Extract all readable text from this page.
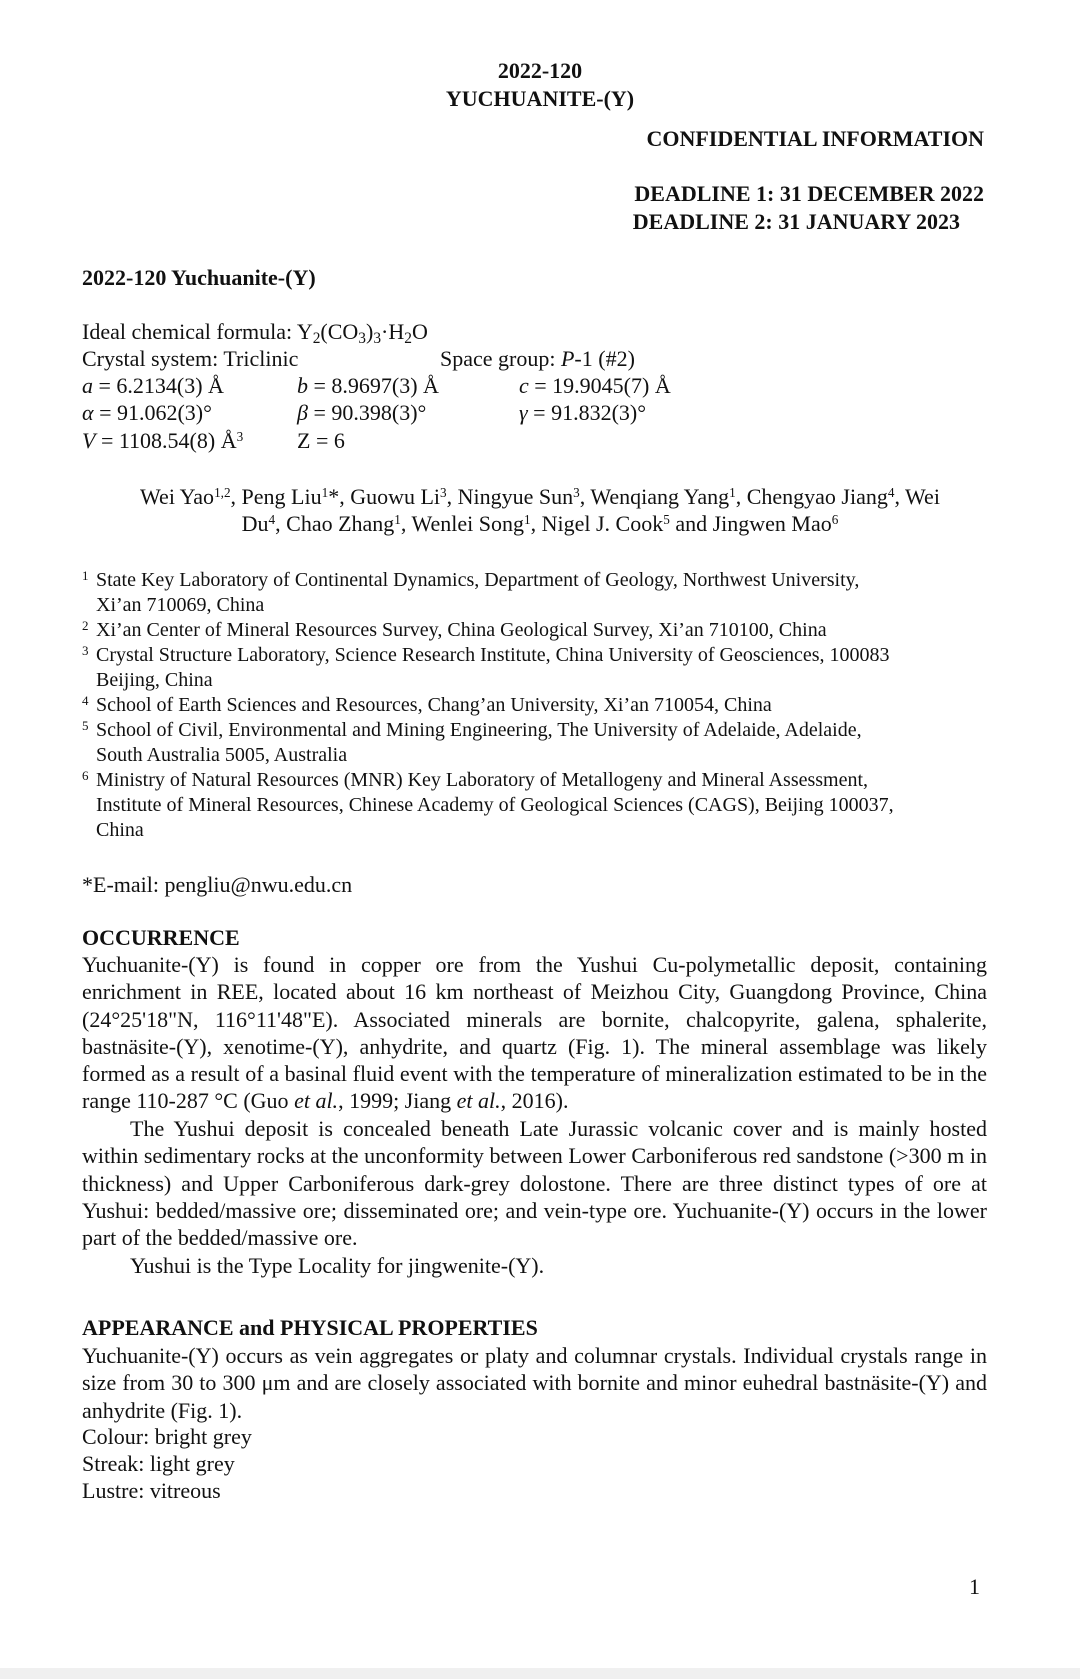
2022-120
YUCHUANITE-(Y)
CONFIDENTIAL INFORMATION
DEADLINE 1: 31 DECEMBER 2022
DEADLINE 2: 31 JANUARY 2023
2022-120 Yuchuanite-(Y)
Ideal chemical formula: $Y_2(CO_3)_3\cdot H_2O$
Crystal system: Triclinic	Space group: P-1 (#2)
a = 6.2134(3) Å	b = 8.9697(3) Å	c = 19.9045(7) Å
α = 91.062(3)°	β = 90.398(3)°	γ = 91.832(3)°
V = 1108.54(8) $Å^3$ Z = 6
Wei Yao$^{1,2}$, Peng Liu$^1$*, Guowu Li$^3$, Ningyue Sun$^3$, Wenqiang Yang$^1$, Chengyao Jiang$^4$, Wei
Du$^4$, Chao Zhang$^1$, Wenlei Song$^1$, Nigel J. Cook$^5$ and Jingwen Mao$^6$
1 State Key Laboratory of Continental Dynamics, Department of Geology, Northwest University,
Xi’an 710069, China
2 Xi’an Center of Mineral Resources Survey, China Geological Survey, Xi’an 710100, China
3 Crystal Structure Laboratory, Science Research Institute, China University of Geosciences, 100083
Beijing, China
4 School of Earth Sciences and Resources, Chang’an University, Xi’an 710054, China
5 School of Civil, Environmental and Mining Engineering, The University of Adelaide, Adelaide,
South Australia 5005, Australia
6 Ministry of Natural Resources (MNR) Key Laboratory of Metallogeny and Mineral Assessment,
Institute of Mineral Resources, Chinese Academy of Geological Sciences (CAGS), Beijing 100037,
China
*E-mail: pengliu@nwu.edu.cn
OCCURRENCE
Yuchuanite-(Y) is found in copper ore from the Yushui Cu-polymetallic deposit, containing enrichment in REE, located about 16 km northeast of Meizhou City, Guangdong Province, China (24°25'18"N, 116°11'48"E). Associated minerals are bornite, chalcopyrite, galena, sphalerite, bastnäsite-(Y), xenotime-(Y), anhydrite, and quartz (Fig. 1). The mineral assemblage was likely formed as a result of a basinal fluid event with the temperature of mineralization estimated to be in the range 110-287 °C (Guo et al., 1999; Jiang et al., 2016).
The Yushui deposit is concealed beneath Late Jurassic volcanic cover and is mainly hosted within sedimentary rocks at the unconformity between Lower Carboniferous red sandstone (>300 m in thickness) and Upper Carboniferous dark-grey dolostone. There are three distinct types of ore at Yushui: bedded/massive ore; disseminated ore; and vein-type ore. Yuchuanite-(Y) occurs in the lower part of the bedded/massive ore.
Yushui is the Type Locality for jingwenite-(Y).
APPEARANCE and PHYSICAL PROPERTIES
Yuchuanite-(Y) occurs as vein aggregates or platy and columnar crystals. Individual crystals range in size from 30 to 300 μm and are closely associated with bornite and minor euhedral bastnäsite-(Y) and anhydrite (Fig. 1).
Colour: bright grey
Streak: light grey
Lustre: vitreous
1
